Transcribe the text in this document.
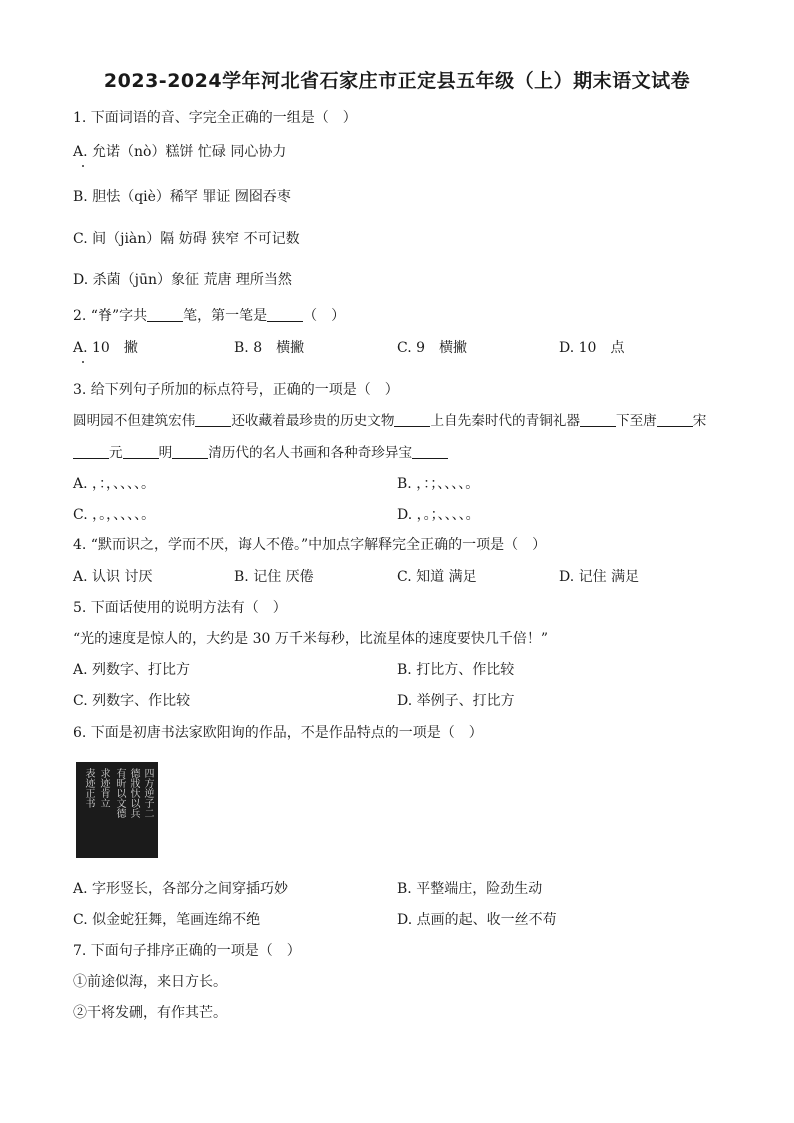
2023-2024学年河北省石家庄市正定县五年级（上）期末语文试卷
1. 下面词语的音、字完全正确的一组是（　）
A. 允诺（nò）糕饼 忙碌 同心协力
B. 胆怯（qiè）稀罕 罪证 囫囵吞枣
C. 间（jiàn）隔 妨碍 狭窄 不可记数
D. 杀菌（jūn）象征 荒唐 理所当然
2. “脊”字共	笔，第一笔是	（　）
A. 10　撇	B. 8　横撇	C. 9　横撇	D. 10　点
3. 给下列句子所加的标点符号，正确的一项是（　）
圆明园不但建筑宏伟	还收藏着最珍贵的历史文物	上自先秦时代的青铜礼器	下至唐	宋
元	明	清历代的名人书画和各种奇珍异宝
A. ，：，、、、、。	B. ，：；、、、、。
C. ，。，、、、、。	D. ，。；、、、、。
4. “默而识之，学而不厌，诲人不倦。”中加点字解释完全正确的一项是（　）
A. 认识 讨厌	B. 记住 厌倦	C. 知道 满足	D. 记住 满足
5. 下面话使用的说明方法有（　）
“光的速度是惊人的，大约是 30 万千米每秒，比流星体的速度要快几千倍！”
A. 列数字、打比方	B. 打比方、作比较
C. 列数字、作比较	D. 举例子、打比方
6. 下面是初唐书法家欧阳询的作品，不是作品特点的一项是（　）
四方逆子二
德戕忕以兵
有昕以文德
求迹肯立
表迹正书
A. 字形竖长，各部分之间穿插巧妙	B. 平整端庄，险劲生动
C. 似金蛇狂舞，笔画连绵不绝	D. 点画的起、收一丝不苟
7. 下面句子排序正确的一项是（　）
①前途似海，来日方长。
②干将发硎，有作其芒。
